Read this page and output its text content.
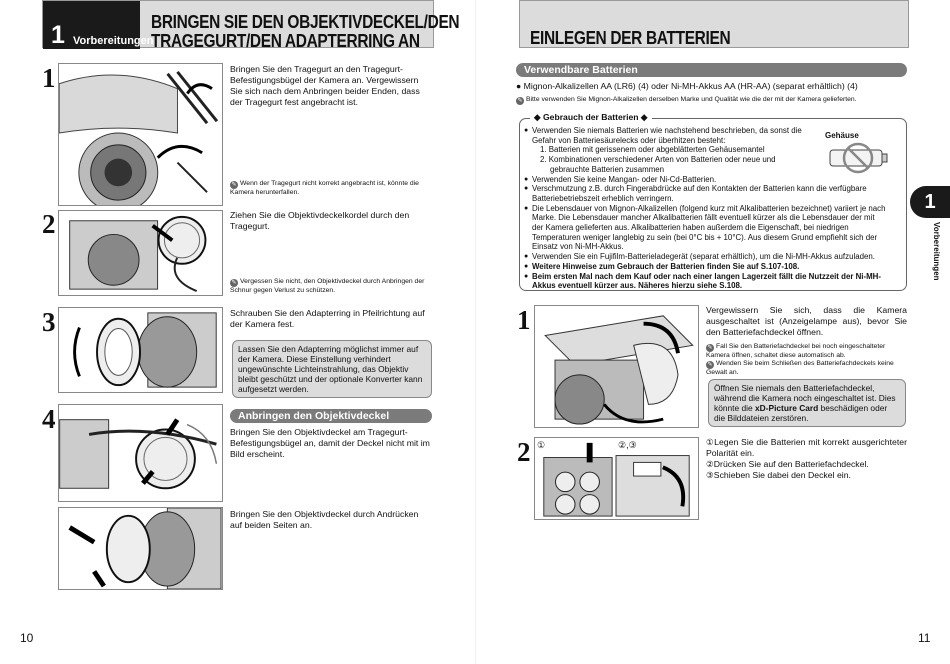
1 Vorbereitungen
BRINGEN SIE DEN OBJEKTIVDECKEL/DEN
TRAGEGURT/DEN ADAPTERRING AN
1	Bringen Sie den Tragegurt an den Tragegurt-Befestigungsbügel der Kamera an. Vergewissern Sie sich nach dem Anbringen beider Enden, dass der Tragegurt fest angebracht ist.
✎ Wenn der Tragegurt nicht korrekt angebracht ist, könnte die Kamera herunterfallen.
2	Ziehen Sie die Objektivdeckelkordel durch den Tragegurt.
✎ Vergessen Sie nicht, den Objektivdeckel durch Anbringen der Schnur gegen Verlust zu schützen.
3	Schrauben Sie den Adapterring in Pfeilrichtung auf der Kamera fest.
Lassen Sie den Adapterring möglichst immer auf der Kamera. Diese Einstellung verhindert ungewünschte Lichteinstrahlung, das Objektiv bleibt geschützt und der optionale Konverter kann aufgesetzt werden.
4	Anbringen den Objektivdeckel
Bringen Sie den Objektivdeckel am Tragegurt-Befestigungsbügel an, damit der Deckel nicht mit im Bild erscheint.
Bringen Sie den Objektivdeckel durch Andrücken auf beiden Seiten an.
10
EINLEGEN DER BATTERIEN
Verwendbare Batterien
● Mignon-Alkalizellen AA (LR6) (4) oder Ni-MH-Akkus AA (HR-AA) (separat erhältlich) (4)
✎ Bitte verwenden Sie Mignon-Alkalizellen derselben Marke und Qualität wie die der mit der Kamera gelieferten.
◆ Gebrauch der Batterien ◆
● Verwenden Sie niemals Batterien wie nachstehend beschrieben, da sonst die
Gefahr von Batteriesäurelecks oder überhitzen besteht:
1. Batterien mit gerissenem oder abgeblätterten Gehäusemantel
2. Kombinationen verschiedener Arten von Batterien oder neue und
gebrauchte Batterien zusammen
● Verwenden Sie keine Mangan- oder Ni-Cd-Batterien.
● Verschmutzung z.B. durch Fingerabdrücke auf den Kontakten der Batterien kann die verfügbare
Batteriebetriebszeit erheblich verringern.
● Die Lebensdauer von Mignon-Alkalizellen (folgend kurz mit Alkalibatterien bezeichnet) variiert je nach
Marke. Die Lebensdauer mancher Alkalibatterien fällt eventuell kürzer als die Lebensdauer der mit
der Kamera gelieferten aus. Alkalibatterien haben außerdem die Eigenschaft, bei niedrigen
Temperaturen weniger langlebig zu sein (bei 0°C bis + 10°C). Aus diesem Grund empfiehlt sich der
Einsatz von Ni-MH-Akkus.
● Verwenden Sie ein Fujifilm-Batterieladegerät (separat erhältlich), um die Ni-MH-Akkus aufzuladen.
● Weitere Hinweise zum Gebrauch der Batterien finden Sie auf S.107-108.
● Beim ersten Mal nach dem Kauf oder nach einer langen Lagerzeit fällt die Nutzzeit der Ni-MH-
Akkus eventuell kürzer aus. Näheres hierzu siehe S.108.
Gehäuse
1
Vorbereitungen
1	Vergewissern Sie sich, dass die Kamera ausgeschaltet ist (Anzeigelampe aus), bevor Sie den Batteriefachdeckel öffnen.
✎ Fall Sie den Batteriefachdeckel bei noch eingeschalteter Kamera öffnen, schaltet diese automatisch ab.
✎ Wenden Sie beim Schließen des Batteriefachdeckels keine Gewalt an.
Öffnen Sie niemals den Batteriefachdeckel, während die Kamera noch eingeschaltet ist. Dies könnte die xD-Picture Card beschädigen oder die Bilddateien zerstören.
2 ①	②,③	①Legen Sie die Batterien mit korrekt ausgerichteter Polarität ein.
②Drücken Sie auf den Batteriefachdeckel.
③Schieben Sie dabei den Deckel ein.
11
